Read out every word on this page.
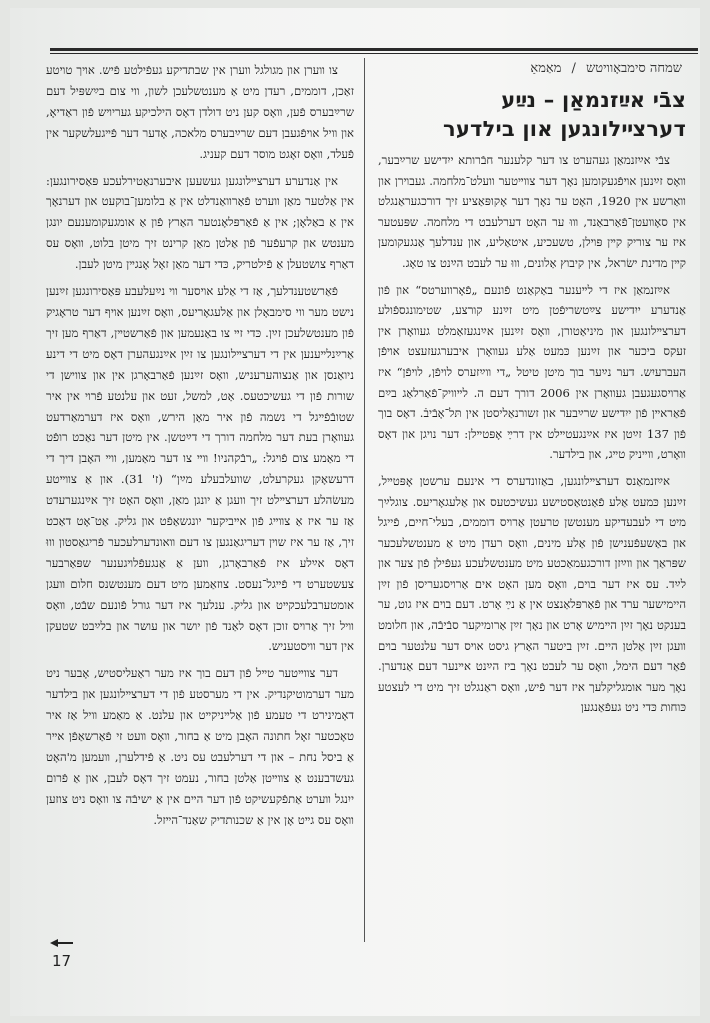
שמחה סימבאָוויטש / מאַמאַ
צבֿי אײַזנמאַן – נײַע דערצײלונגען און בילדער

צבֿי אײַזנמאַן געהערט צו דער קלענער חבֿרותא ייִדישע שרײַבער, װאָס זײַנען אױפֿגעקומען נאָך דער צװײטער װעלט־מלחמה. געבױרן און װאַרשע אין 1920, האָט ער נאָך דער אָקופּאַציע זיך דורכגעראַנגלט אין סאָװעטן־פֿאַרבאַנד, װוּ ער האָט דערלעבט די מלחמה. שפּעטער איז ער צוריק קײן פּױלן, טשעכיע, איטאַליע, און ענדלעך אַנגעקומען קײן מדינת ישׂראל, אין קיבוץ אַלונים, װוּ ער לעבט הײַנט צו טאָג.

אײַזנמאַן איז די לײענער באַקאַנט פֿונעם „פֿאָרװערטס“ און פֿון אַנדערע ייִדישע צײַטשריפֿטן מיט זײַנע קורצע, שטימונגספֿולע דערצײלונגען און מיניאַטורן, װאָס זײַנען אײַנגעזאַמלט געװאָרן אין זעקס ביכער און זײַנען כּמעט אַלע געװאָרן איבערגעזעצט אױפֿן העברעיִש. דער נײַער בוך מיטן טיטל „די װײַזערס לױפֿן, לױפֿן“ איז אַרױסגעגעבן געװאָרן אין 2006 דורך דעם ה. לײװיק־פֿאַרלאַג בײַם פֿאַראײן פֿון ייִדישע שרײַבער און זשורנאַליסטן אין תּל־אָבֿיבֿ. דאָס בוך פֿון 137 זײַטן איז אײַנגעטײלט אין דרײַ אָפּטײלן: דער נױגן און דאָס װאָרט, װײניק טײג, און בילדער.

אײַזנמאַנס דערצײלונגען, באַזונדערס די אינעם ערשטן אָפּטײל, זײַנען כּמעט אַלע פֿאַנטאַסטישע געשיכטעס און אַלעגאָריעס. צוגלײַך מיט די לעבעדיקע מענטשן טרעטן אַרױס דוממים, בעלי־חיים, פֿייגל און באַשעפֿענישן פֿון אַלע מינים, װאָס רעדן מיט אַ מענטשלעכער שפּראַך און װײַזן דורכגעמאַכטע מיט מענטשלעכע געפֿילן פֿון צער און לײַד. עס איז דער בוים, װאָס מען האָט אים אַרױסגעריסן פֿון זײַן היימישער ערד און פֿאַרפּלאַנצט אין אַ נײַ אָרט. דעם בױם איז גוט, ער בענקט נאָך זײַן הײמיש אָרט און נאָך זײַן אַרומיקער סבֿיבֿה, און חלומט װעגן זײַן אַלטן היים. זײַן ביטער האַרץ גיסט אױס דער עלנטער בױם פֿאַר דעם הימל, װאָס ער לעבט נאָך ביז הײַנט אײנער דעם אַנדערן. נאָך מער אומגליקלעך איז דער פֿיש, װאָס ראַנגלט זיך מיט די לעצטע כּוחות כּדי ניט געפֿאַנגען

צו װערן און מגולגל װערן אין שבתדיקע געפֿילטע פֿיש. אױך טױטע זאַכן, דוממים, רעדן מיט אַ מענטשלעכן לשון, װי צום בײַשפּיל דעם שרײַבערס פֿען, װאָס קען ניט דולדן דאָס הילכיקע געריױש פֿון ראַדיאָ, און װיל אױפֿגעבן דעם שרײַבערס מלאכה, אָדער דער פֿײגעלשקער אין פֿעלד, װאָס זאָגט מוסר דעם קעניג.

אין אַנדערע דערצײלונגען געשעען איבערנאַטירלעכע פּאַסירונגען: אין אַלטער מאַן װערט פֿאַרװאַנדלט אין אַ בלומען־בוקעט און דערנאָך אין אַ באַלאָן; אין אַ פֿאַרפּלאָנטער האַרץ פֿון אַ אומגעקומענעם יונגן מענטש און קרעפֿער פֿון אַלטן מאַן קרינט זיך מיטן בלוט, װאָס עס דאַרף צושטעלן אַ פֿילטריק, כּדי דער מאַן זאָל אָנגײן מיטן לעבן.

פֿאַרשטענדלעך, אַז די אַלע אױסער װי נײַעלעבע פּאַסירונגען זײַנען נישט מער װי סימבאָלן און אַלעגאָריעס, װאָס זײַנען אױף דער טראָגיק פֿון מענטשלעכן זײַן. כּדי זײ צו באַנעמען און פֿאַרשטײן, דאַרף מען זיך אַרײַנלײענען אין די דערצײלונגען צו זײַן אײַנגעהערן דאָס מיט די דינע ניואַנסן און אַנצוהערעניש, װאָס זײַנען פֿאַרבאָרגן אין און צװישן די שורות פֿון די געשיכטעס. אַט, למשל, זעט און עלנטע פֿרױ אין איר שטובֿפֿײגל די נשמה פֿון איר מאַן הירש, װאָס איז דערמאַרדעט געװאָרן בעת דער מלחמה דורך די דײַטשן. אין מיטן דער נאַכט רופֿט די מאַמע צום פֿױגל: „רבֿקהניו! װײ צו דער מאַמען, װײ האָבן דיך די דרעשאָקן געקרעלט, שוועלבעלע מײַן“ (ז' 31). און אַ צװײטע מעשׂהלע דערצײלט זיך װעגן אַ יונגן מאַן, װאָס האָט זיך אײַנגערעדט אַז ער איז אַ צװײג פֿון אײביקער יונגשאַפֿט און גליק. אַט־אָט דאַכט זיך, אַז ער איז שױן דעריגאַנגען צו דעם װאונדערלעכער פֿריגאַסטון װוּ דאָס אײַלע איז פֿאַרבאָרגן, װען אַ אַנגעפֿלױגענער שפּאַרבער צעשטערט די פֿײגל־נעסט. צוזאַמען מיט דעם מענטשנס חלום װעגן אומטערבלעכקײט און גליק. ענלעך איז דער גורל פֿונעם שבֿט, װאָס װיל זיך אַרױס זוכן דאָס לאַנד פֿון יושר און עושר און בלײַבט שטעקן אין דער װיסטעניש.

דער צװײטער טײל פֿון דעם בוך איז מער ראַעליסטיש, אָבער ניט מער דערמוטיקנדיק. אין די מערסטע פֿון די דערצײלונגען און בילדער דאָמינירט די טעמע פֿון אַלײניקײט און עלנט. אַ מאַמע װיל אַז איר טאָכטער זאָל חתונה האָבן מיט אַ בחור, װאָס װעט זי פֿאַרשאַפֿן אײר אַ ביסל נחת – און די דערלעבט עס ניט. אַ פֿידלערן, װעמען מ'האָט געשדבענט אַ צװײטן אַלטן בחור, נעמט זיך דאָס לעבן, און אַ פֿרום ייִנגל װערט אַתפֿקעשיקט פֿון דער הײם אין אַ ישיבֿה צו װאָס ניט צוזען װאָס עס גײט אָן אין אַ שכנותדיק שאַנד־הײזל.

17
